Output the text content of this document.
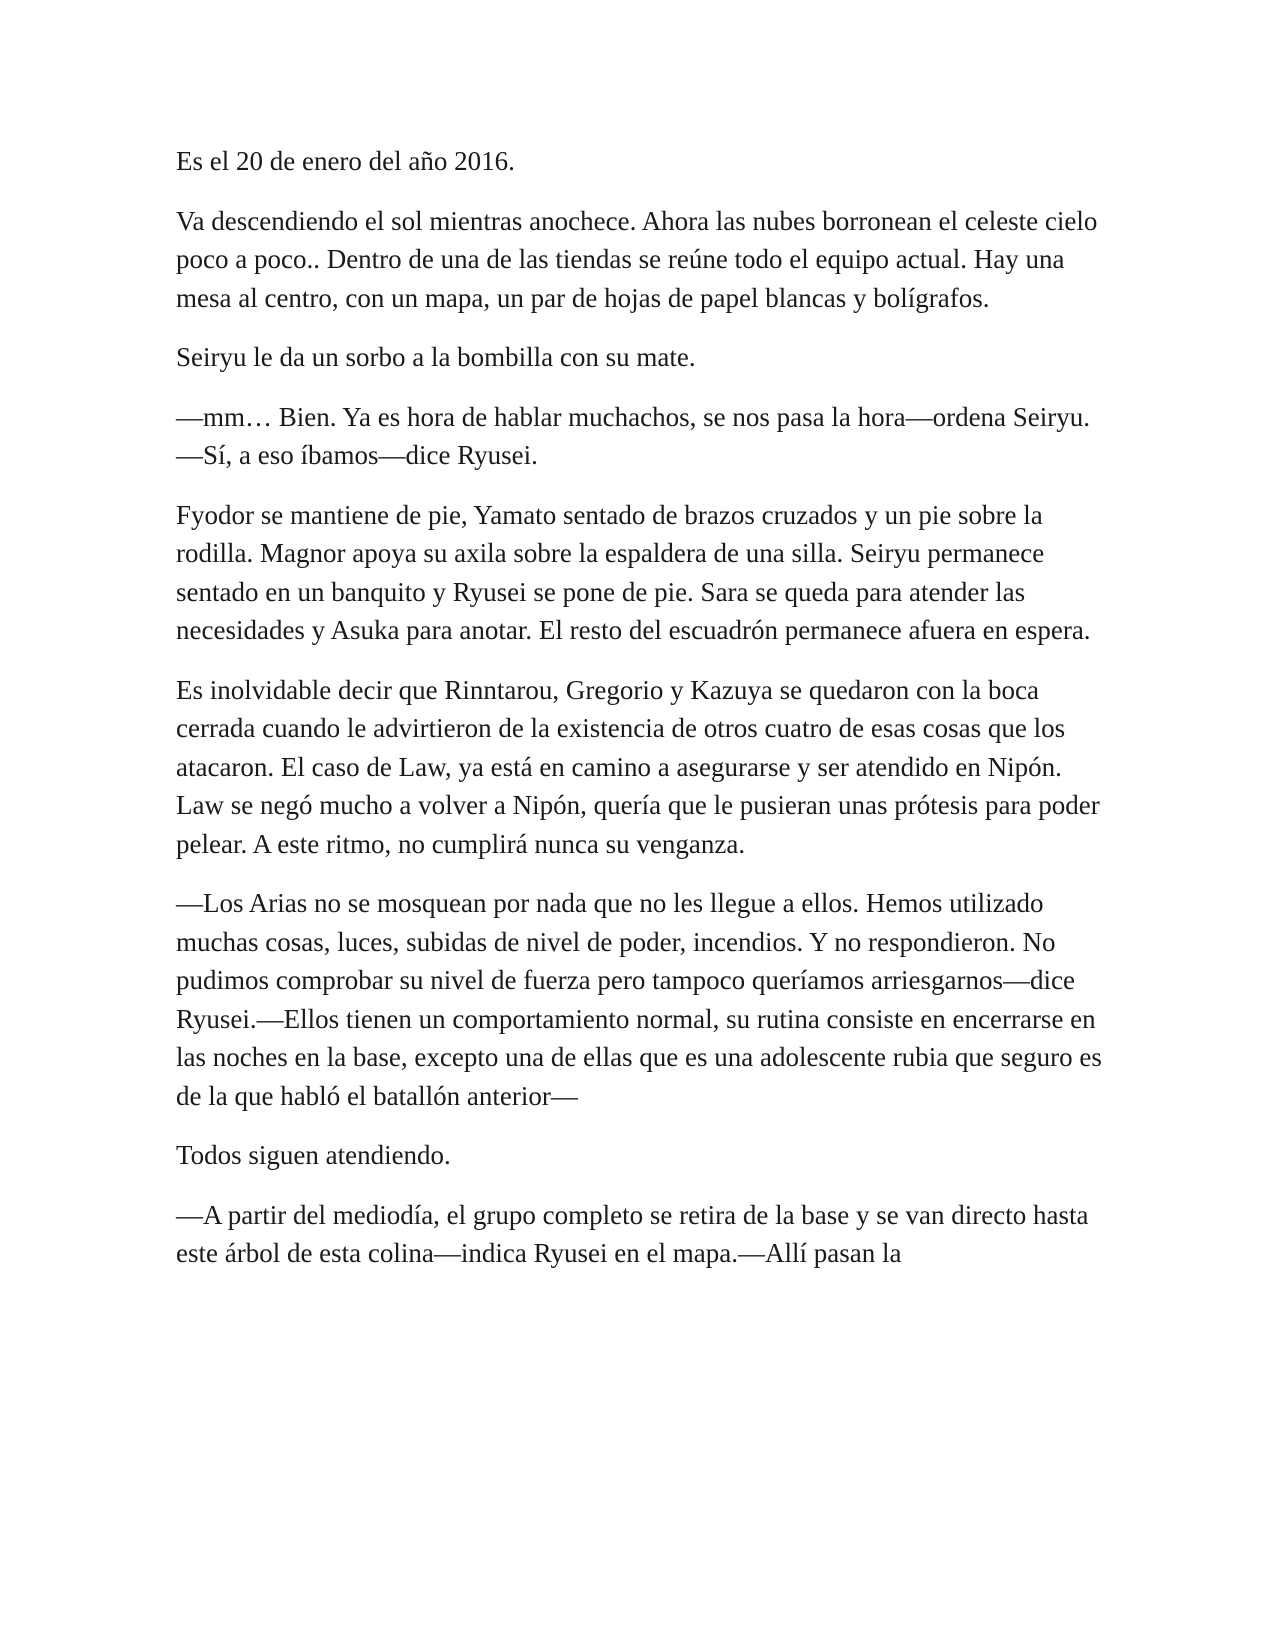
Es el 20 de enero del año 2016.

Va descendiendo el sol mientras anochece. Ahora las nubes borronean el celeste cielo poco a poco.. Dentro de una de las tiendas se reúne todo el equipo actual. Hay una mesa al centro, con un mapa, un par de hojas de papel blancas y bolígrafos.

Seiryu le da un sorbo a la bombilla con su mate.

—mm… Bien. Ya es hora de hablar muchachos, se nos pasa la hora—ordena Seiryu.

—Sí, a eso íbamos—dice Ryusei.

Fyodor se mantiene de pie, Yamato sentado de brazos cruzados y un pie sobre la rodilla. Magnor apoya su axila sobre la espaldera de una silla. Seiryu permanece sentado en un banquito y Ryusei se pone de pie. Sara se queda para atender las necesidades y Asuka para anotar. El resto del escuadrón permanece afuera en espera.

Es inolvidable decir que Rinntarou, Gregorio y Kazuya se quedaron con la boca cerrada cuando le advirtieron de la existencia de otros cuatro de esas cosas que los atacaron. El caso de Law, ya está en camino a asegurarse y ser atendido en Nipón. Law se negó mucho a volver a Nipón, quería que le pusieran unas prótesis para poder pelear. A este ritmo, no cumplirá nunca su venganza.

—Los Arias no se mosquean por nada que no les llegue a ellos. Hemos utilizado muchas cosas, luces, subidas de nivel de poder, incendios. Y no respondieron. No pudimos comprobar su nivel de fuerza pero tampoco queríamos arriesgarnos—dice Ryusei.—Ellos tienen un comportamiento normal, su rutina consiste en encerrarse en las noches en la base, excepto una de ellas que es una adolescente rubia que seguro es de la que habló el batallón anterior—

Todos siguen atendiendo.

—A partir del mediodía, el grupo completo se retira de la base y se van directo hasta este árbol de esta colina—indica Ryusei en el mapa.—Allí pasan la
